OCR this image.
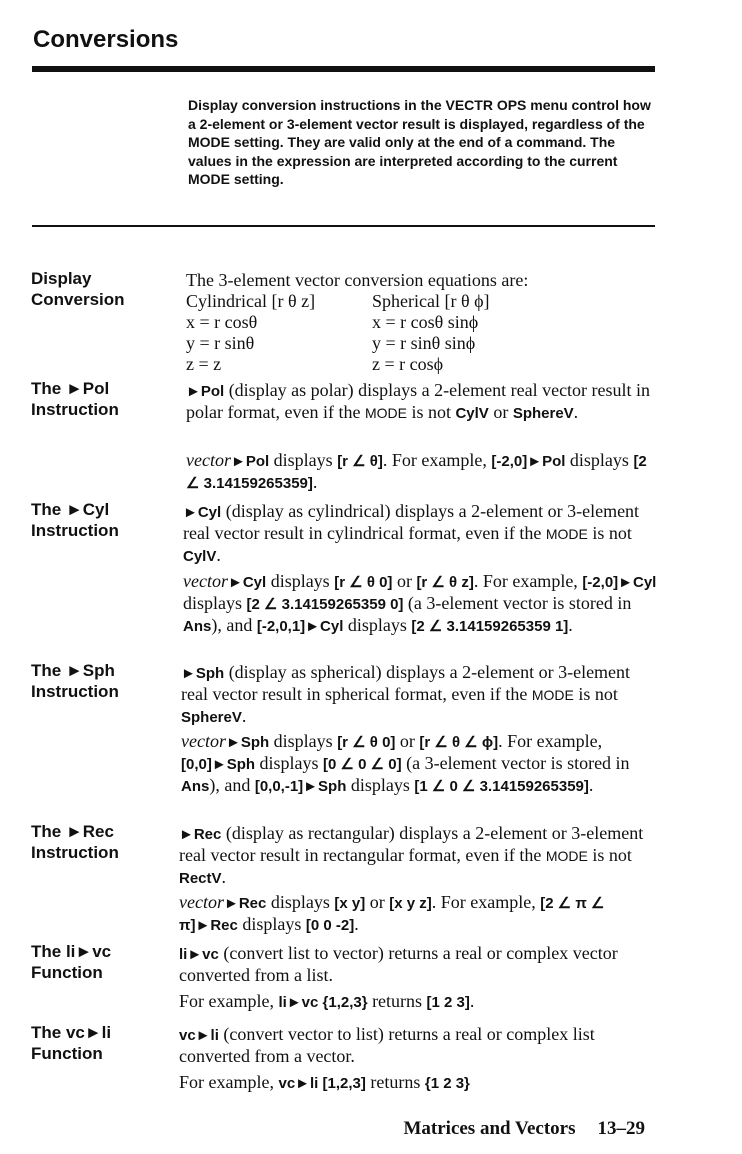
Conversions
Display conversion instructions in the VECTR OPS menu control how a 2-element or 3-element vector result is displayed, regardless of the MODE setting. They are valid only at the end of a command. The values in the expression are interpreted according to the current MODE setting.
Display
Conversion
The 3-element vector conversion equations are:
Cylindrical [r θ z]	Spherical [r θ ϕ]
x = r cosθ	x = r cosθ sinϕ
y = r sinθ	y = r sinθ sinϕ
z = z	z = r cosϕ
The ►Pol
Instruction

►Pol (display as polar) displays a 2-element real vector result in polar format, even if the MODE is not CylV or SphereV.

vector►Pol displays [r ∠ θ]. For example, [-2,0]►Pol displays [2 ∠ 3.14159265359].

The ►Cyl
Instruction

►Cyl (display as cylindrical) displays a 2-element or 3-element real vector result in cylindrical format, even if the MODE is not CylV.

vector►Cyl displays [r ∠ θ 0] or [r ∠ θ z]. For example, [-2,0]►Cyl displays [2 ∠ 3.14159265359 0] (a 3-element vector is stored in Ans), and [-2,0,1]►Cyl displays [2 ∠ 3.14159265359 1].

The ►Sph
Instruction

►Sph (display as spherical) displays a 2-element or 3-element real vector result in spherical format, even if the MODE is not SphereV.

vector►Sph displays [r ∠ θ 0] or [r ∠ θ ∠ ϕ]. For example, [0,0]►Sph displays [0 ∠ 0 ∠ 0] (a 3-element vector is stored in Ans), and [0,0,-1]►Sph displays [1 ∠ 0 ∠ 3.14159265359].

The ►Rec
Instruction

►Rec (display as rectangular) displays a 2-element or 3-element real vector result in rectangular format, even if the MODE is not RectV.

vector►Rec displays [x y] or [x y z]. For example, [2 ∠ π ∠ π]►Rec displays [0 0 -2].

The li►vc
Function

li►vc (convert list to vector) returns a real or complex vector converted from a list.

For example, li►vc {1,2,3} returns [1 2 3].

The vc►li
Function

vc►li (convert vector to list) returns a real or complex list converted from a vector.

For example, vc►li [1,2,3] returns {1 2 3}

Matrices and Vectors 13–29
